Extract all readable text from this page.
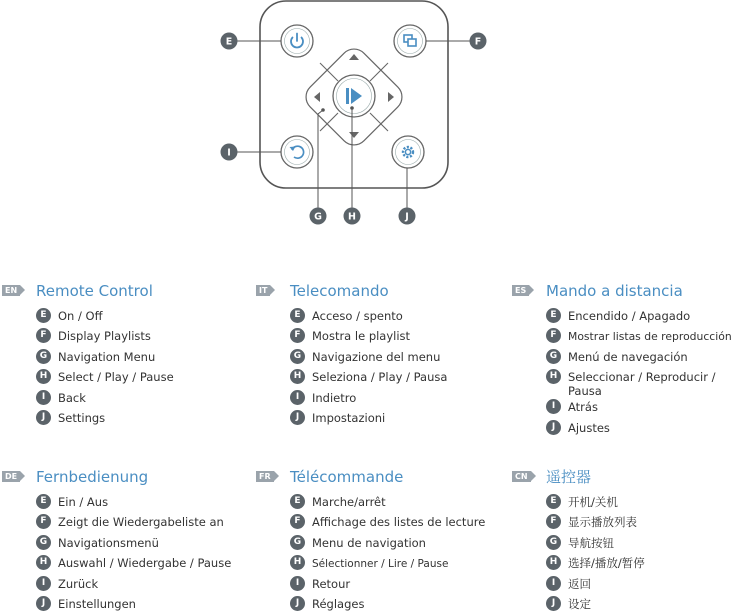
E	F
I
G	H	J
EN Remote Control
E On / Off
F Display Playlists
G Navigation Menu
H Select / Play / Pause
I	Back
J	Settings
IT Telecomando
E Acceso / spento
F Mostra le playlist
G Navigazione del menu
H Seleziona / Play / Pausa
I	Indietro
J	Impostazioni
ES Mando a distancia
E Encendido / Apagado
F	Mostrar listas de reproducción
G Menú de navegación
H Seleccionar / Reproducir / Pausa
I	Atrás
J	Ajustes
DE Fernbedienung
E Ein / Aus
F Zeigt die Wiedergabeliste an
G Navigationsmenü
H Auswahl / Wiedergabe / Pause
I	Zurück
J	Einstellungen
FR Télécommande
E Marche/arrêt
F Affichage des listes de lecture
G Menu de navigation
H	Sélectionner / Lire / Pause
I	Retour
J	Réglages
CN 遥控器
E 开机/关机
F 显示播放列表
G 导航按钮
H 选择/播放/暂停
I	返回
J	设定
